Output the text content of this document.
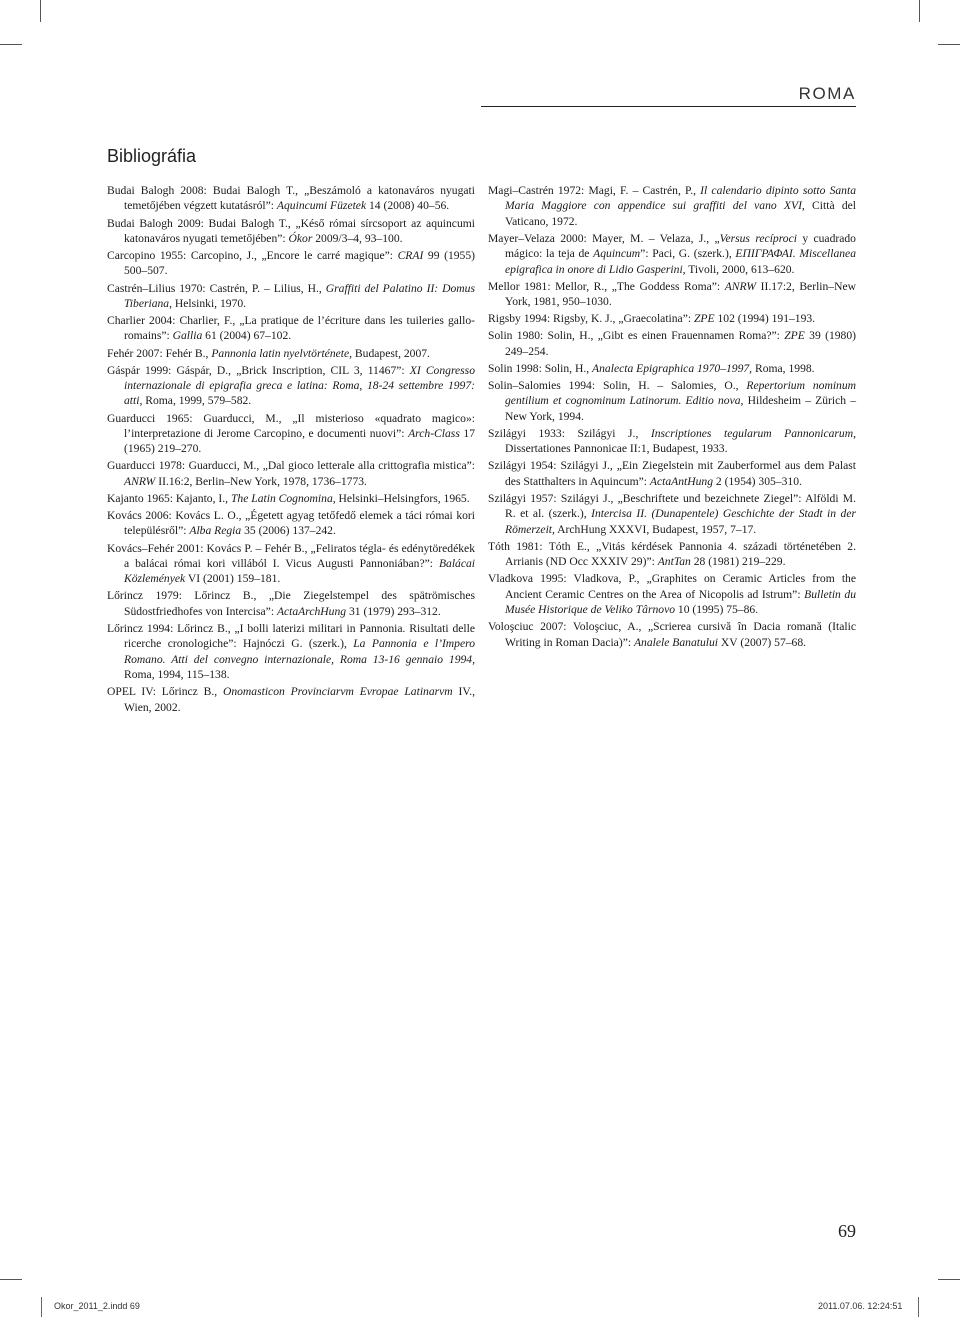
ROMA
Bibliográfia

Budai Balogh 2008: Budai Balogh T., „Beszámoló a katonaváros nyugati temetőjében végzett kutatásról”: Aquincumi Füzetek 14 (2008) 40–56.

Budai Balogh 2009: Budai Balogh T., „Késő római sírcsoport az aquincumi katonaváros nyugati temetőjében”: Ókor 2009/3–4, 93–100.

Carcopino 1955: Carcopino, J., „Encore le carré magique”: CRAI 99 (1955) 500–507.

Castrén–Lilius 1970: Castrén, P. – Lilius, H., Graffiti del Palatino II: Domus Tiberiana, Helsinki, 1970.

Charlier 2004: Charlier, F., „La pratique de l’écriture dans les tuileries gallo-romains”: Gallia 61 (2004) 67–102.

Fehér 2007: Fehér B., Pannonia latin nyelvtörténete, Budapest, 2007.

Gáspár 1999: Gáspár, D., „Brick Inscription, CIL 3, 11467”: XI Congresso internazionale di epigrafia greca e latina: Roma, 18-24 settembre 1997: atti, Roma, 1999, 579–582.

Guarducci 1965: Guarducci, M., „Il misterioso «quadrato magico»: l’interpretazione di Jerome Carcopino, e documenti nuovi”: Arch-Class 17 (1965) 219–270.

Guarducci 1978: Guarducci, M., „Dal gioco letterale alla crittografia mistica”: ANRW II.16:2, Berlin–New York, 1978, 1736–1773.

Kajanto 1965: Kajanto, I., The Latin Cognomina, Helsinki–Helsingfors, 1965.

Kovács 2006: Kovács L. O., „Égetett agyag tetőfedő elemek a táci római kori településről”: Alba Regia 35 (2006) 137–242.

Kovács–Fehér 2001: Kovács P. – Fehér B., „Feliratos tégla- és edénytöredékek a balácai római kori villából I. Vicus Augusti Pannoniában?”: Balácai Közlemények VI (2001) 159–181.

Lőrincz 1979: Lőrincz B., „Die Ziegelstempel des spätrömisches Südostfriedhofes von Intercisa”: ActaArchHung 31 (1979) 293–312.

Lőrincz 1994: Lőrincz B., „I bolli laterizi militari in Pannonia. Risultati delle ricerche cronologiche”: Hajnóczi G. (szerk.), La Pannonia e l’Impero Romano. Atti del convegno internazionale, Roma 13-16 gennaio 1994, Roma, 1994, 115–138.

OPEL IV: Lőrincz B., Onomasticon Provinciarvm Evropae Latinarvm IV., Wien, 2002.

Magi–Castrén 1972: Magi, F. – Castrén, P., Il calendario dipinto sotto Santa Maria Maggiore con appendice sui graffiti del vano XVI, Città del Vaticano, 1972.

Mayer–Velaza 2000: Mayer, M. – Velaza, J., „Versus recíproci y cuadrado mágico: la teja de Aquincum”: Paci, G. (szerk.), ΕΠΙΓΡΑΦΑΙ. Miscellanea epigrafica in onore di Lidio Gasperini, Tivoli, 2000, 613–620.

Mellor 1981: Mellor, R., „The Goddess Roma”: ANRW II.17:2, Berlin–New York, 1981, 950–1030.

Rigsby 1994: Rigsby, K. J., „Graecolatina”: ZPE 102 (1994) 191–193.

Solin 1980: Solin, H., „Gibt es einen Frauennamen Roma?”: ZPE 39 (1980) 249–254.

Solin 1998: Solin, H., Analecta Epigraphica 1970–1997, Roma, 1998.

Solin–Salomies 1994: Solin, H. – Salomies, O., Repertorium nominum gentilium et cognominum Latinorum. Editio nova, Hildesheim – Zürich – New York, 1994.

Szilágyi 1933: Szilágyi J., Inscriptiones tegularum Pannonicarum, Dissertationes Pannonicae II:1, Budapest, 1933.

Szilágyi 1954: Szilágyi J., „Ein Ziegelstein mit Zauberformel aus dem Palast des Statthalters in Aquincum”: ActaAntHung 2 (1954) 305–310.

Szilágyi 1957: Szilágyi J., „Beschriftete und bezeichnete Ziegel”: Alföldi M. R. et al. (szerk.), Intercisa II. (Dunapentele) Geschichte der Stadt in der Römerzeit, ArchHung XXXVI, Budapest, 1957, 7–17.

Tóth 1981: Tóth E., „Vitás kérdések Pannonia 4. századi történetében 2. Arrianis (ND Occ XXXIV 29)”: AntTan 28 (1981) 219–229.

Vladkova 1995: Vladkova, P., „Graphites on Ceramic Articles from the Ancient Ceramic Centres on the Area of Nicopolis ad Istrum”: Bulletin du Musée Historique de Veliko Târnovo 10 (1995) 75–86.

Voloşciuc 2007: Voloşciuc, A., „Scrierea cursivă în Dacia romană (Italic Writing in Roman Dacia)”: Analele Banatului XV (2007) 57–68.

69
Okor_2011_2.indd 69	2011.07.06. 12:24:51
